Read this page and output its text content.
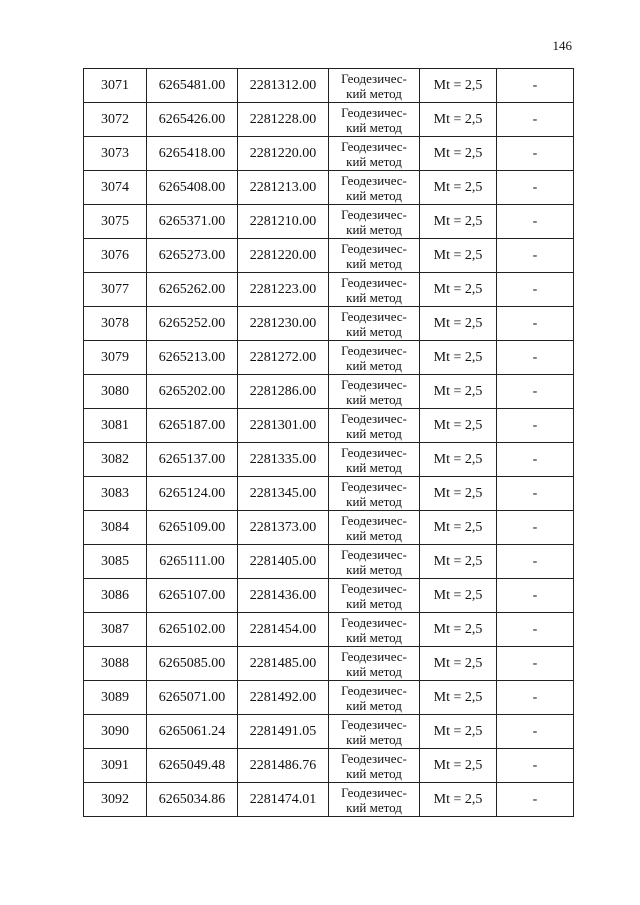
146
3071	6265481.00	2281312.00	Геодезичес-
кий метод	Mt = 2,5	-
3072	6265426.00	2281228.00	Геодезичес-
кий метод	Mt = 2,5	-
3073	6265418.00	2281220.00	Геодезичес-
кий метод	Mt = 2,5	-
3074	6265408.00	2281213.00	Геодезичес-
кий метод	Mt = 2,5	-
3075	6265371.00	2281210.00	Геодезичес-
кий метод	Mt = 2,5	-
3076	6265273.00	2281220.00	Геодезичес-
кий метод	Mt = 2,5	-
3077	6265262.00	2281223.00	Геодезичес-
кий метод	Mt = 2,5	-
3078	6265252.00	2281230.00	Геодезичес-
кий метод	Mt = 2,5	-
3079	6265213.00	2281272.00	Геодезичес-
кий метод	Mt = 2,5	-
3080	6265202.00	2281286.00	Геодезичес-
кий метод	Mt = 2,5	-
3081	6265187.00	2281301.00	Геодезичес-
кий метод	Mt = 2,5	-
3082	6265137.00	2281335.00	Геодезичес-
кий метод	Mt = 2,5	-
3083	6265124.00	2281345.00	Геодезичес-
кий метод	Mt = 2,5	-
3084	6265109.00	2281373.00	Геодезичес-
кий метод	Mt = 2,5	-
3085	6265111.00	2281405.00	Геодезичес-
кий метод	Mt = 2,5	-
3086	6265107.00	2281436.00	Геодезичес-
кий метод	Mt = 2,5	-
3087	6265102.00	2281454.00	Геодезичес-
кий метод	Mt = 2,5	-
3088	6265085.00	2281485.00	Геодезичес-
кий метод	Mt = 2,5	-
3089	6265071.00	2281492.00	Геодезичес-
кий метод	Mt = 2,5	-
3090	6265061.24	2281491.05	Геодезичес-
кий метод	Mt = 2,5	-
3091	6265049.48	2281486.76	Геодезичес-
кий метод	Mt = 2,5	-
3092	6265034.86	2281474.01	Геодезичес-
кий метод	Mt = 2,5	-
